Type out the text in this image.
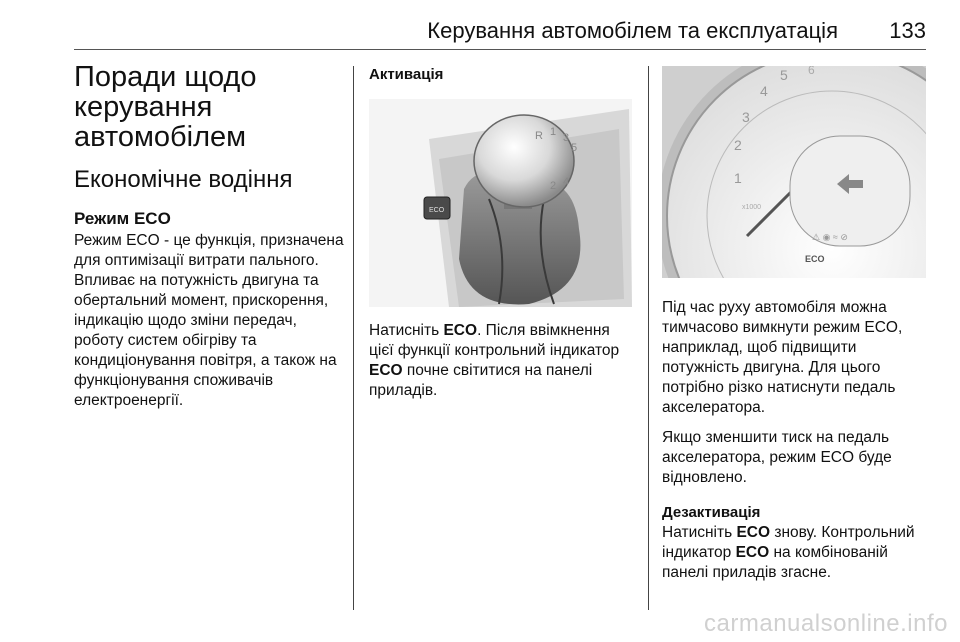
Керування автомобілем та експлуатація 133
Поради щодо керування автомобілем
Економічне водіння
Режим ECO

Режим ECO - це функція, призначена для оптимізації витрати пального. Впливає на потужність двигуна та обертальний момент, прискорення, індикацію щодо зміни передач, роботу систем обігріву та кондиціонування повітря, а також на функціонування споживачів електроенергії.

Активація
R 1 3
5
2 4
ECO

Натисніть ECO. Після ввімкнення цієї функції контрольний індикатор ECO почне світитися на панелі приладів.

1
2
3
4
5 6
x1000
⚠ ◉ ≈ ⊘
ECO

Під час руху автомобіля можна тимчасово вимкнути режим ECO, наприклад, щоб підвищити потужність двигуна. Для цього потрібно різко натиснути педаль акселератора.

Якщо зменшити тиск на педаль акселератора, режим ECO буде відновлено.

Дезактивація

Натисніть ECO знову. Контрольний індикатор ECO на комбінованій панелі приладів згасне.

carmanualsonline.info
